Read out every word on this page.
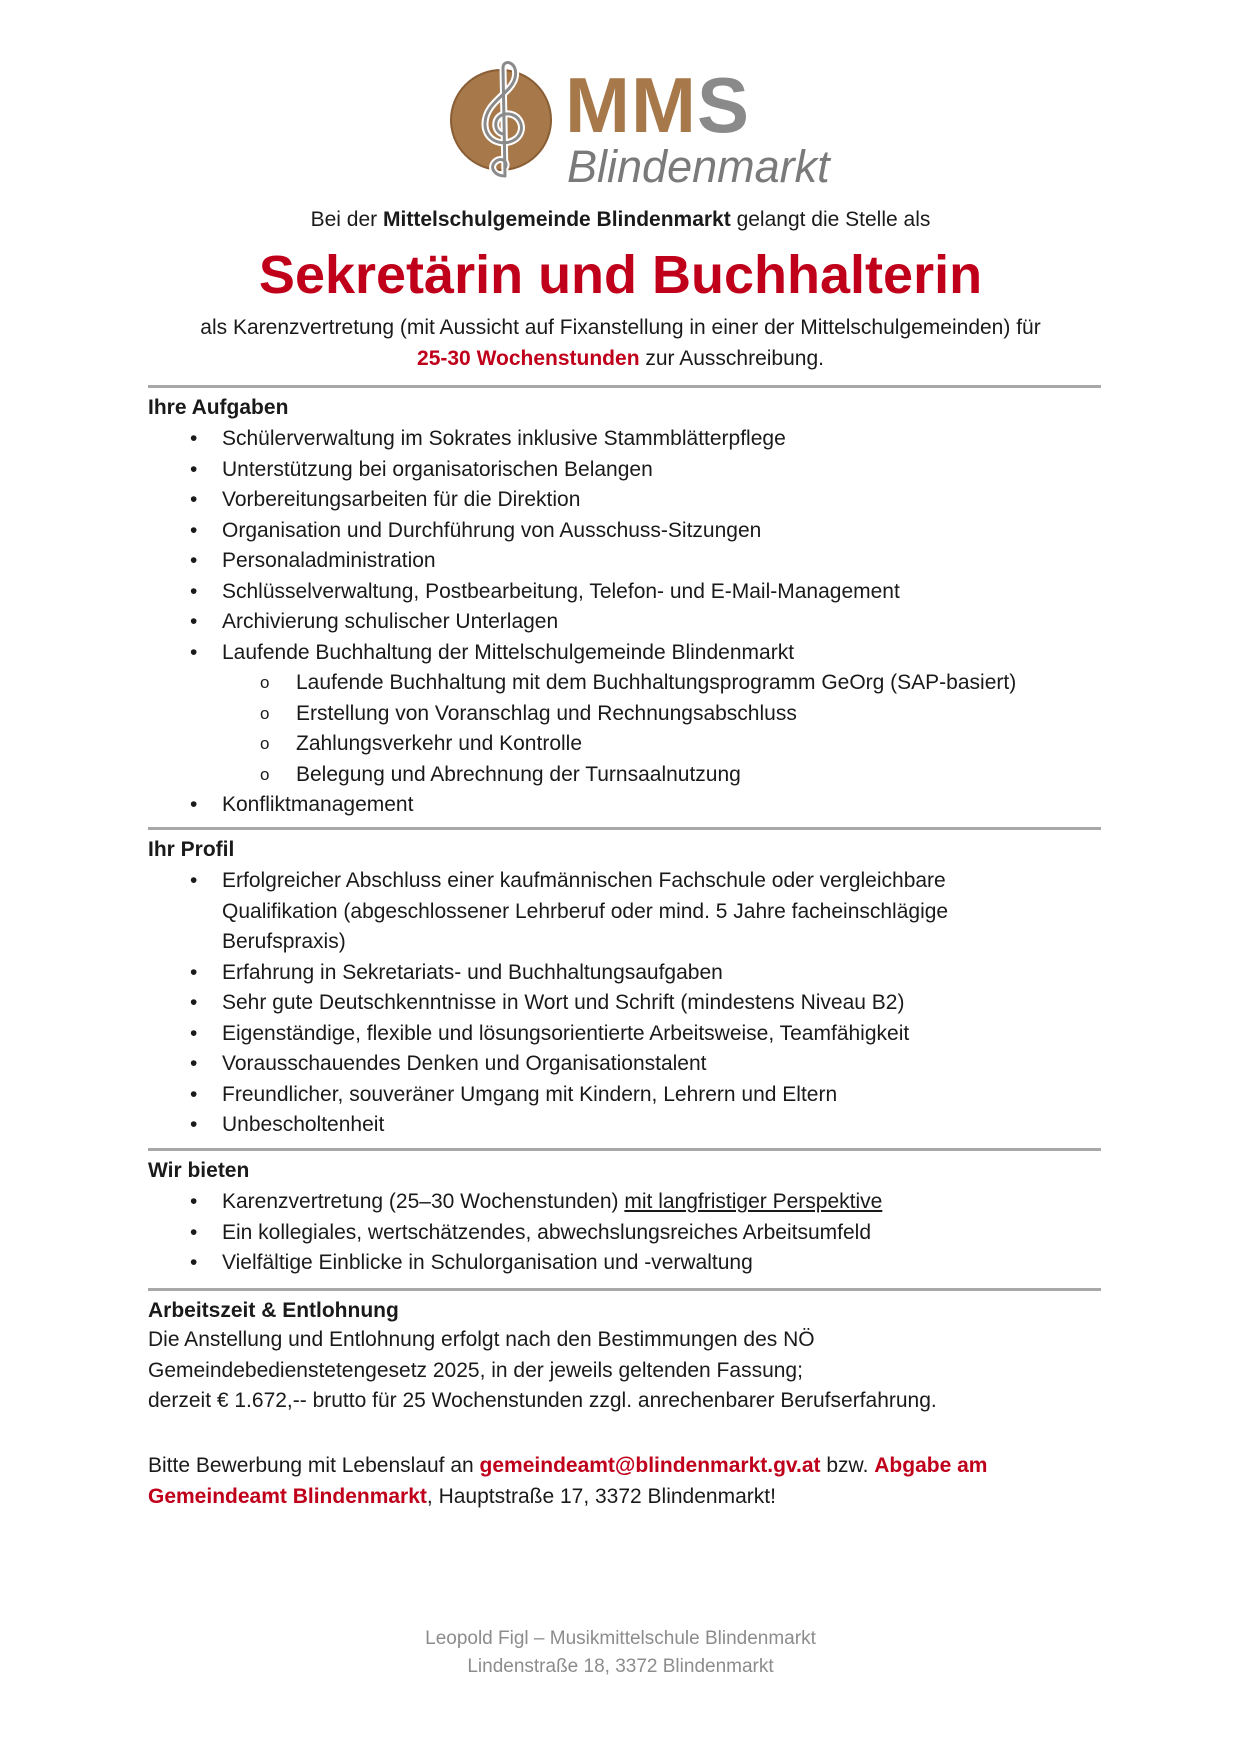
MMS
Blindenmarkt
Bei der Mittelschulgemeinde Blindenmarkt gelangt die Stelle als
Sekretärin und Buchhalterin
als Karenzvertretung (mit Aussicht auf Fixanstellung in einer der Mittelschulgemeinden) für
25-30 Wochenstunden zur Ausschreibung.
Ihre Aufgaben
• Schülerverwaltung im Sokrates inklusive Stammblätterpflege
• Unterstützung bei organisatorischen Belangen
• Vorbereitungsarbeiten für die Direktion
• Organisation und Durchführung von Ausschuss-Sitzungen
• Personaladministration
• Schlüsselverwaltung, Postbearbeitung, Telefon- und E-Mail-Management
• Archivierung schulischer Unterlagen
• Laufende Buchhaltung der Mittelschulgemeinde Blindenmarkt
o Laufende Buchhaltung mit dem Buchhaltungsprogramm GeOrg (SAP-basiert)
o Erstellung von Voranschlag und Rechnungsabschluss
o Zahlungsverkehr und Kontrolle
o Belegung und Abrechnung der Turnsaalnutzung
• Konfliktmanagement
Ihr Profil
• Erfolgreicher Abschluss einer kaufmännischen Fachschule oder vergleichbare
Qualifikation (abgeschlossener Lehrberuf oder mind. 5 Jahre facheinschlägige
Berufspraxis)
• Erfahrung in Sekretariats- und Buchhaltungsaufgaben
• Sehr gute Deutschkenntnisse in Wort und Schrift (mindestens Niveau B2)
• Eigenständige, flexible und lösungsorientierte Arbeitsweise, Teamfähigkeit
• Vorausschauendes Denken und Organisationstalent
• Freundlicher, souveräner Umgang mit Kindern, Lehrern und Eltern
• Unbescholtenheit
Wir bieten
• Karenzvertretung (25–30 Wochenstunden) mit langfristiger Perspektive
• Ein kollegiales, wertschätzendes, abwechslungsreiches Arbeitsumfeld
• Vielfältige Einblicke in Schulorganisation und -verwaltung
Arbeitszeit & Entlohnung
Die Anstellung und Entlohnung erfolgt nach den Bestimmungen des NÖ
Gemeindebedienstetengesetz 2025, in der jeweils geltenden Fassung;
derzeit € 1.672,-- brutto für 25 Wochenstunden zzgl. anrechenbarer Berufserfahrung.
Bitte Bewerbung mit Lebenslauf an gemeindeamt@blindenmarkt.gv.at bzw. Abgabe am
Gemeindeamt Blindenmarkt, Hauptstraße 17, 3372 Blindenmarkt!
Leopold Figl – Musikmittelschule Blindenmarkt
Lindenstraße 18, 3372 Blindenmarkt
